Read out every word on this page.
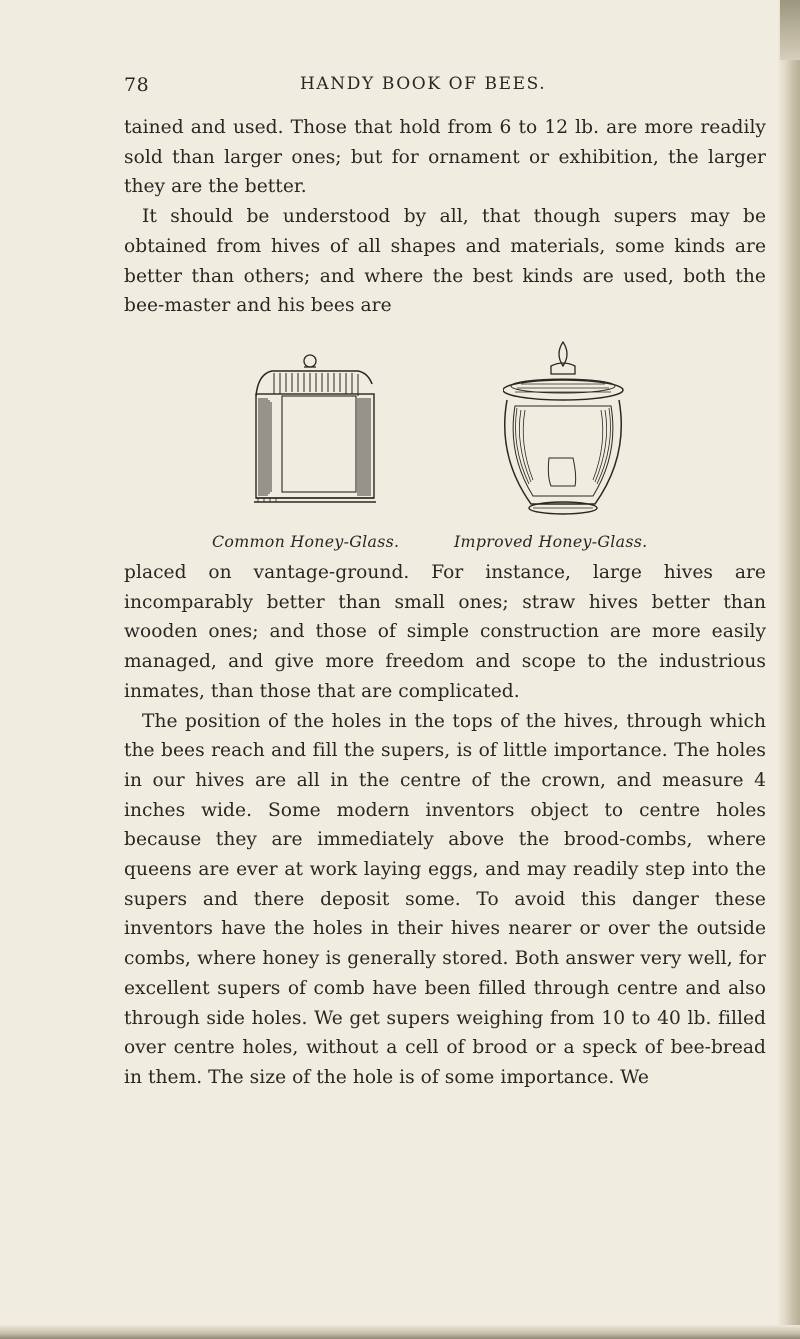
78	HANDY BOOK OF BEES.

tained and used. Those that hold from 6 to 12 lb. are more readily sold than larger ones; but for ornament or exhibition, the larger they are the better.

It should be understood by all, that though supers may be obtained from hives of all shapes and materials, some kinds are better than others; and where the best kinds are used, both the bee-master and his bees are

Common Honey-Glass.	Improved Honey-Glass.

placed on vantage-ground. For instance, large hives are incomparably better than small ones; straw hives better than wooden ones; and those of simple construction are more easily managed, and give more freedom and scope to the industrious inmates, than those that are complicated.

The position of the holes in the tops of the hives, through which the bees reach and fill the supers, is of little importance. The holes in our hives are all in the centre of the crown, and measure 4 inches wide. Some modern inventors object to centre holes because they are immediately above the brood-combs, where queens are ever at work laying eggs, and may readily step into the supers and there deposit some. To avoid this danger these inventors have the holes in their hives nearer or over the outside combs, where honey is generally stored. Both answer very well, for excellent supers of comb have been filled through centre and also through side holes. We get supers weighing from 10 to 40 lb. filled over centre holes, without a cell of brood or a speck of bee-bread in them. The size of the hole is of some importance. We
